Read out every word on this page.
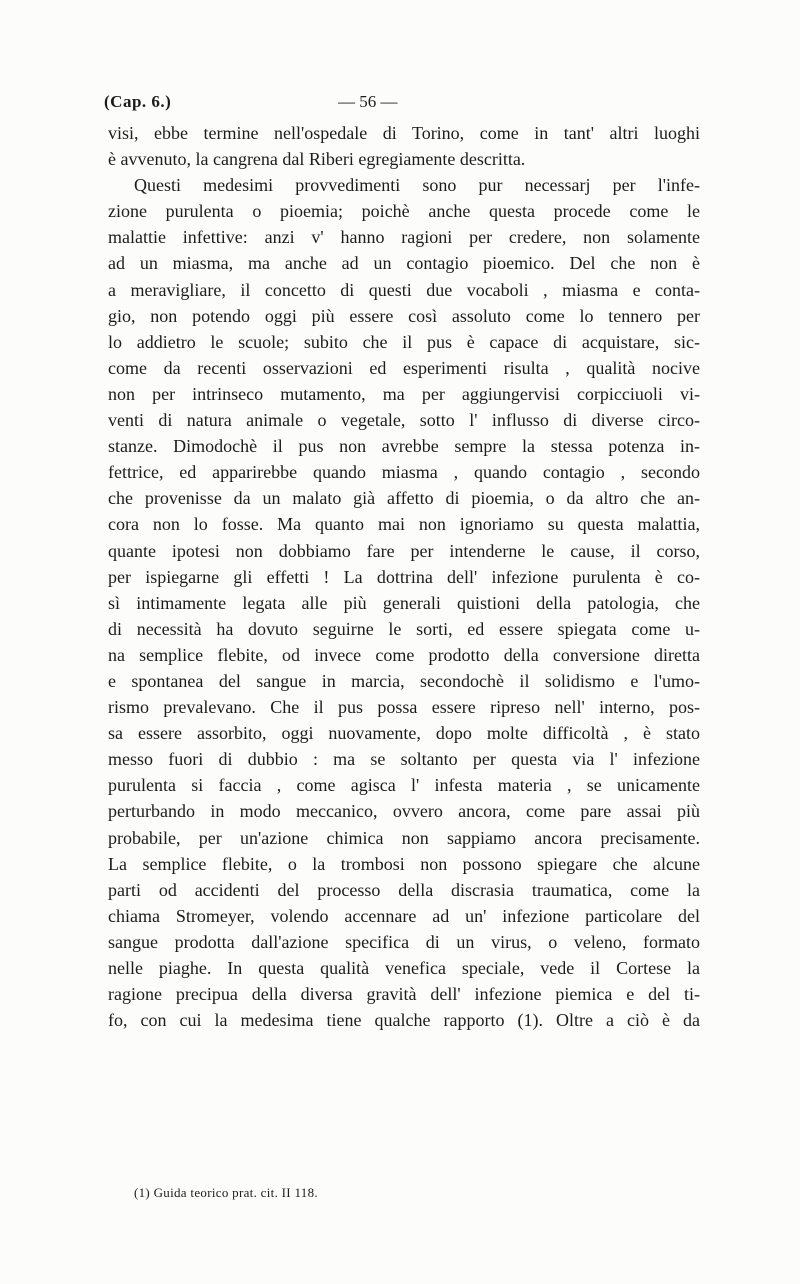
(Cap. 6.)	— 56 —
visi, ebbe termine nell'ospedale di Torino, come in tant' altri luoghi
è avvenuto, la cangrena dal Riberi egregiamente descritta.
Questi medesimi provvedimenti sono pur necessarj per l'infe-
zione purulenta o pioemia; poichè anche questa procede come le
malattie infettive: anzi v' hanno ragioni per credere, non solamente
ad un miasma, ma anche ad un contagio pioemico. Del che non è
a meravigliare, il concetto di questi due vocaboli , miasma e conta-
gio, non potendo oggi più essere così assoluto come lo tennero per
lo addietro le scuole; subito che il pus è capace di acquistare, sic-
come da recenti osservazioni ed esperimenti risulta , qualità nocive
non per intrinseco mutamento, ma per aggiungervisi corpicciuoli vi-
venti di natura animale o vegetale, sotto l' influsso di diverse circo-
stanze. Dimodochè il pus non avrebbe sempre la stessa potenza in-
fettrice, ed apparirebbe quando miasma , quando contagio , secondo
che provenisse da un malato già affetto di pioemia, o da altro che an-
cora non lo fosse. Ma quanto mai non ignoriamo su questa malattia,
quante ipotesi non dobbiamo fare per intenderne le cause, il corso,
per ispiegarne gli effetti ! La dottrina dell' infezione purulenta è co-
sì intimamente legata alle più generali quistioni della patologia, che
di necessità ha dovuto seguirne le sorti, ed essere spiegata come u-
na semplice flebite, od invece come prodotto della conversione diretta
e spontanea del sangue in marcia, secondochè il solidismo e l'umo-
rismo prevalevano. Che il pus possa essere ripreso nell' interno, pos-
sa essere assorbito, oggi nuovamente, dopo molte difficoltà , è stato
messo fuori di dubbio : ma se soltanto per questa via l' infezione
purulenta si faccia , come agisca l' infesta materia , se unicamente
perturbando in modo meccanico, ovvero ancora, come pare assai più
probabile, per un'azione chimica non sappiamo ancora precisamente.
La semplice flebite, o la trombosi non possono spiegare che alcune
parti od accidenti del processo della discrasia traumatica, come la
chiama Stromeyer, volendo accennare ad un' infezione particolare del
sangue prodotta dall'azione specifica di un virus, o veleno, formato
nelle piaghe. In questa qualità venefica speciale, vede il Cortese la
ragione precipua della diversa gravità dell' infezione piemica e del ti-
fo, con cui la medesima tiene qualche rapporto (1). Oltre a ciò è da
(1) Guida teorico prat. cit. II 118.
